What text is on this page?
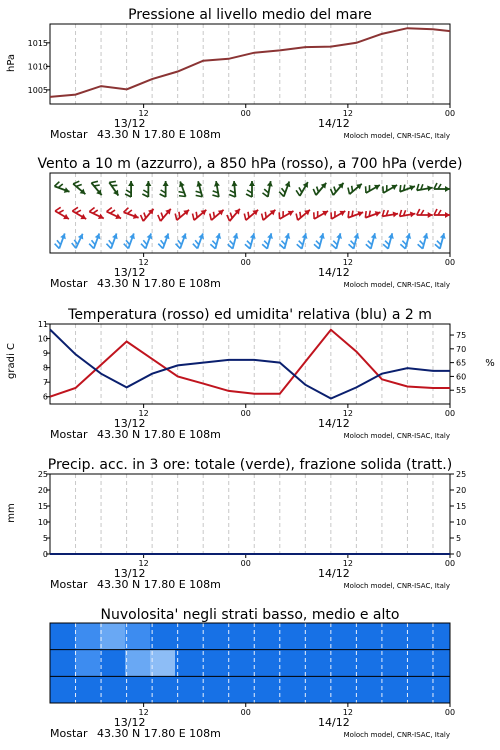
Pressione al livello medio del mare
hPa
12	00	12	00
13/12	14/12
Mostar 43.30 N 17.80 E 108m	Moloch model, CNR-ISAC, Italy
1005
1010
1015
Vento a 10 m (azzurro), a 850 hPa (rosso), a 700 hPa (verde)
12	00	12	00
13/12	14/12
Mostar 43.30 N 17.80 E 108m	Moloch model, CNR-ISAC, Italy
Temperatura (rosso) ed umidita' relativa (blu) a 2 m
gradi C	%
12	00	12	00
13/12	14/12
Mostar 43.30 N 17.80 E 108m	Moloch model, CNR-ISAC, Italy
6
7
8
9
10
11
55
60
65
70
75
Precip. acc. in 3 ore: totale (verde), frazione solida (tratt.)
mm
12	00	12	00
13/12	14/12
Mostar 43.30 N 17.80 E 108m	Moloch model, CNR-ISAC, Italy
0
5
10
15
20
25
0
5
10
15
20
25
Nuvolosita' negli strati basso, medio e alto
12	00	12	00
13/12	14/12
Mostar 43.30 N 17.80 E 108m	Moloch model, CNR-ISAC, Italy
